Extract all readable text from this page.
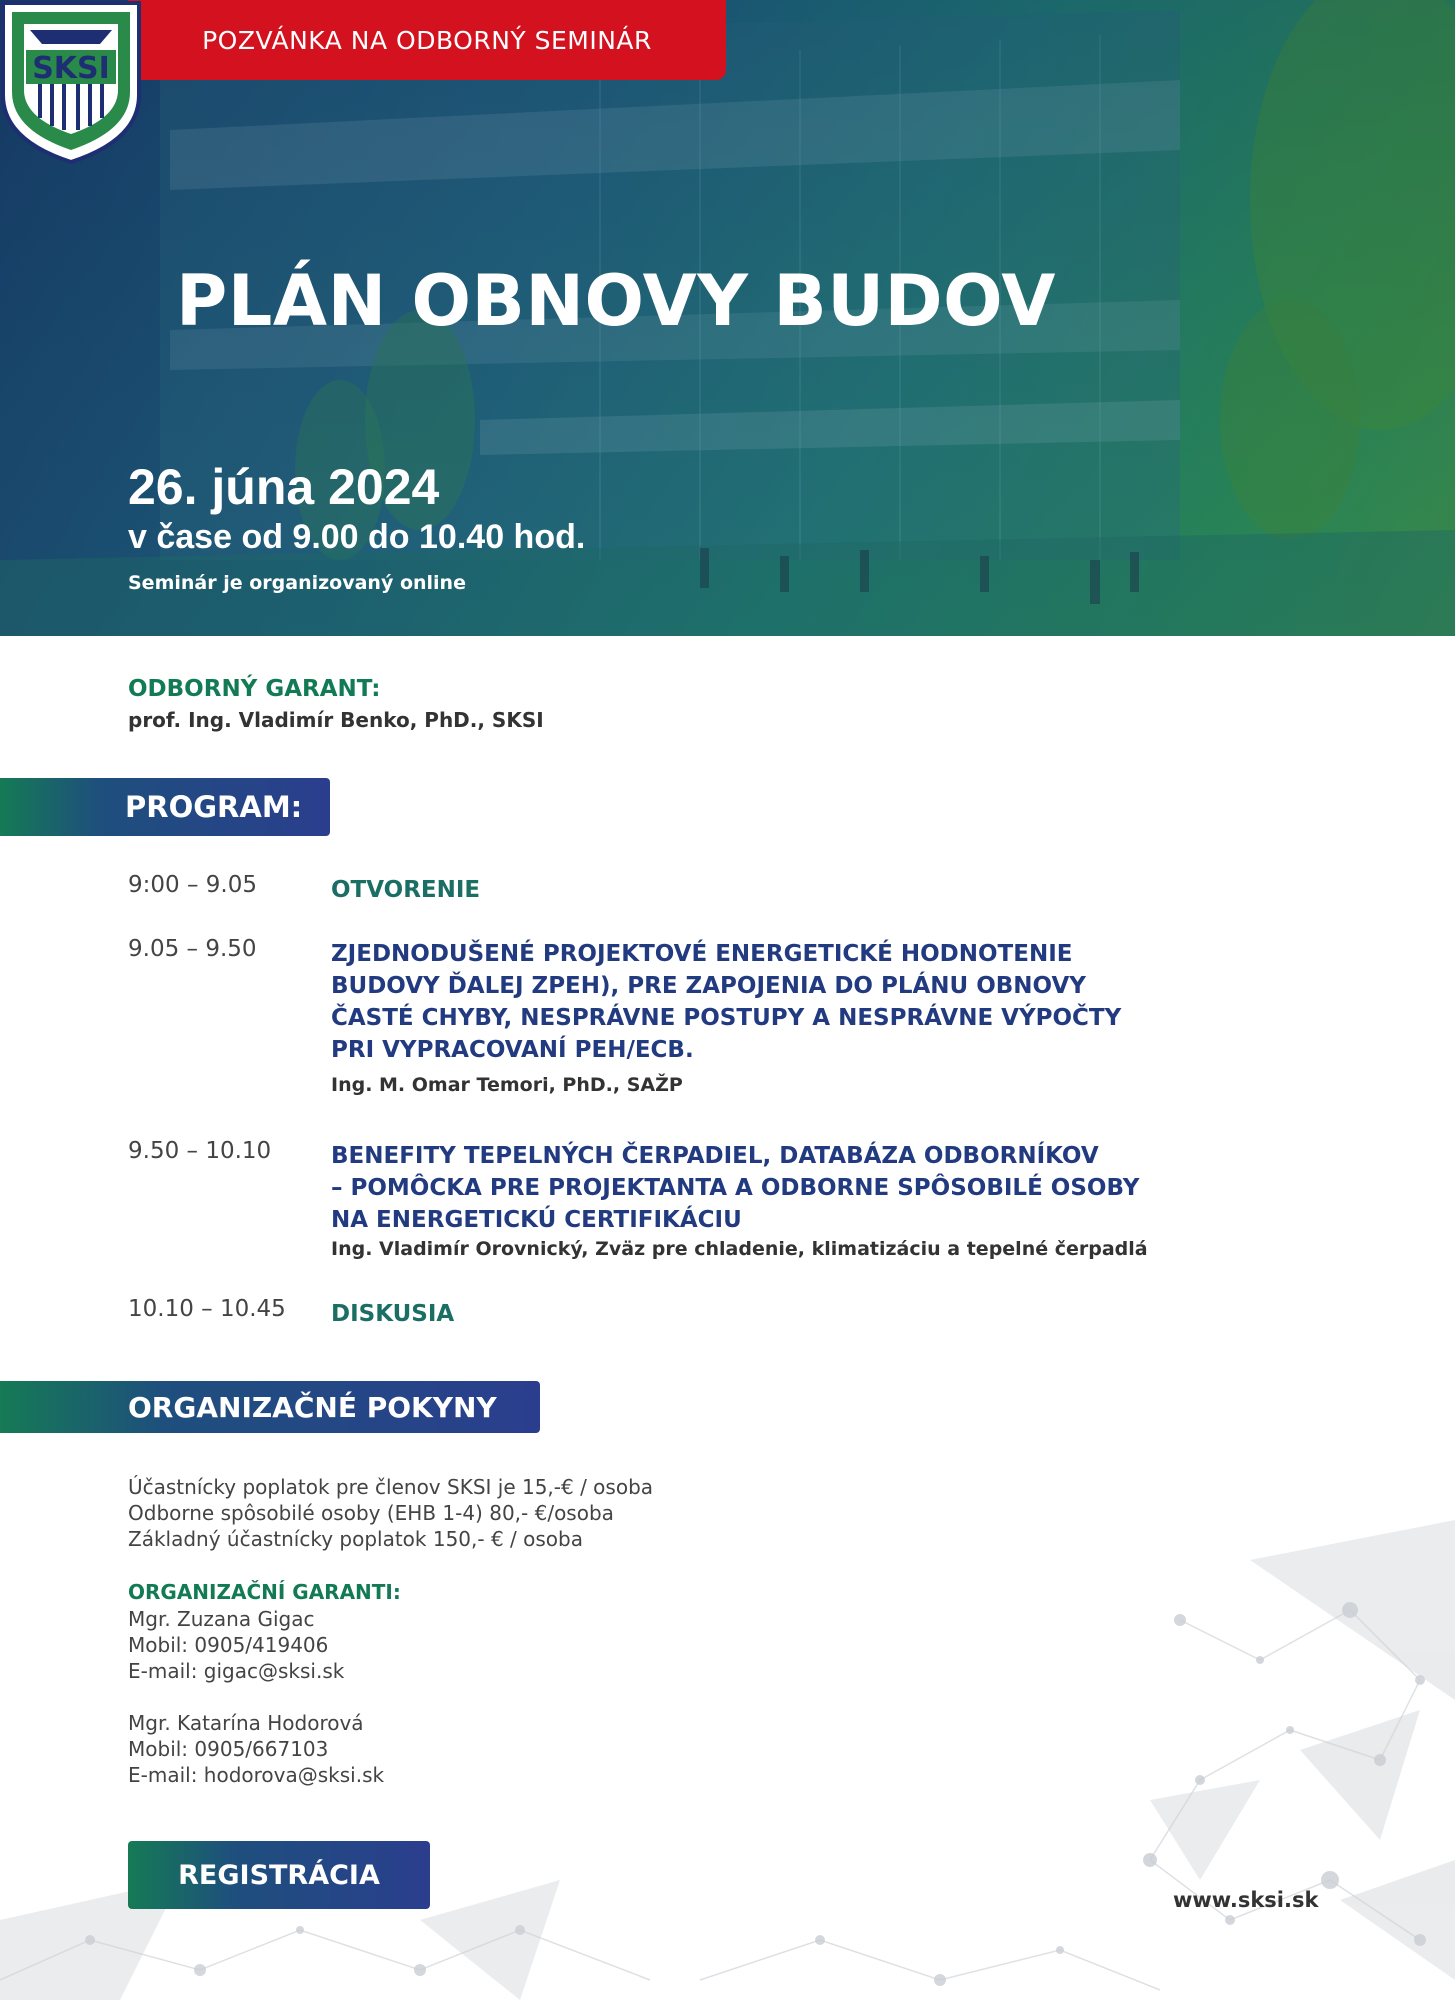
POZVÁNKA NA ODBORNÝ SEMINÁR
PLÁN OBNOVY BUDOV
26. júna 2024
v čase od 9.00 do 10.40 hod.
Seminár je organizovaný online
SKSI
ODBORNÝ GARANT:
prof. Ing. Vladimír Benko, PhD., SKSI
PROGRAM:
9:00 – 9.05	OTVORENIE
9.05 – 9.50	ZJEDNODUŠENÉ PROJEKTOVÉ ENERGETICKÉ HODNOTENIE
BUDOVY ĎALEJ ZPEH), PRE ZAPOJENIA DO PLÁNU OBNOVY
ČASTÉ CHYBY, NESPRÁVNE POSTUPY A NESPRÁVNE VÝPOČTY
PRI VYPRACOVANÍ PEH/ECB.
Ing. M. Omar Temori, PhD., SAŽP
9.50 – 10.10	BENEFITY TEPELNÝCH ČERPADIEL, DATABÁZA ODBORNÍKOV
– POMÔCKA PRE PROJEKTANTA A ODBORNE SPÔSOBILÉ OSOBY
NA ENERGETICKÚ CERTIFIKÁCIU
Ing. Vladimír Orovnický, Zväz pre chladenie, klimatizáciu a tepelné čerpadlá
10.10 – 10.45 DISKUSIA
ORGANIZAČNÉ POKYNY
Účastnícky poplatok pre členov SKSI je 15,-€ / osoba
Odborne spôsobilé osoby (EHB 1-4) 80,- €/osoba
Základný účastnícky poplatok 150,- € / osoba
ORGANIZAČNÍ GARANTI:
Mgr. Zuzana Gigac
Mobil: 0905/419406
E-mail: gigac@sksi.sk
Mgr. Katarína Hodorová
Mobil: 0905/667103
E-mail: hodorova@sksi.sk
REGISTRÁCIA
www.sksi.sk
